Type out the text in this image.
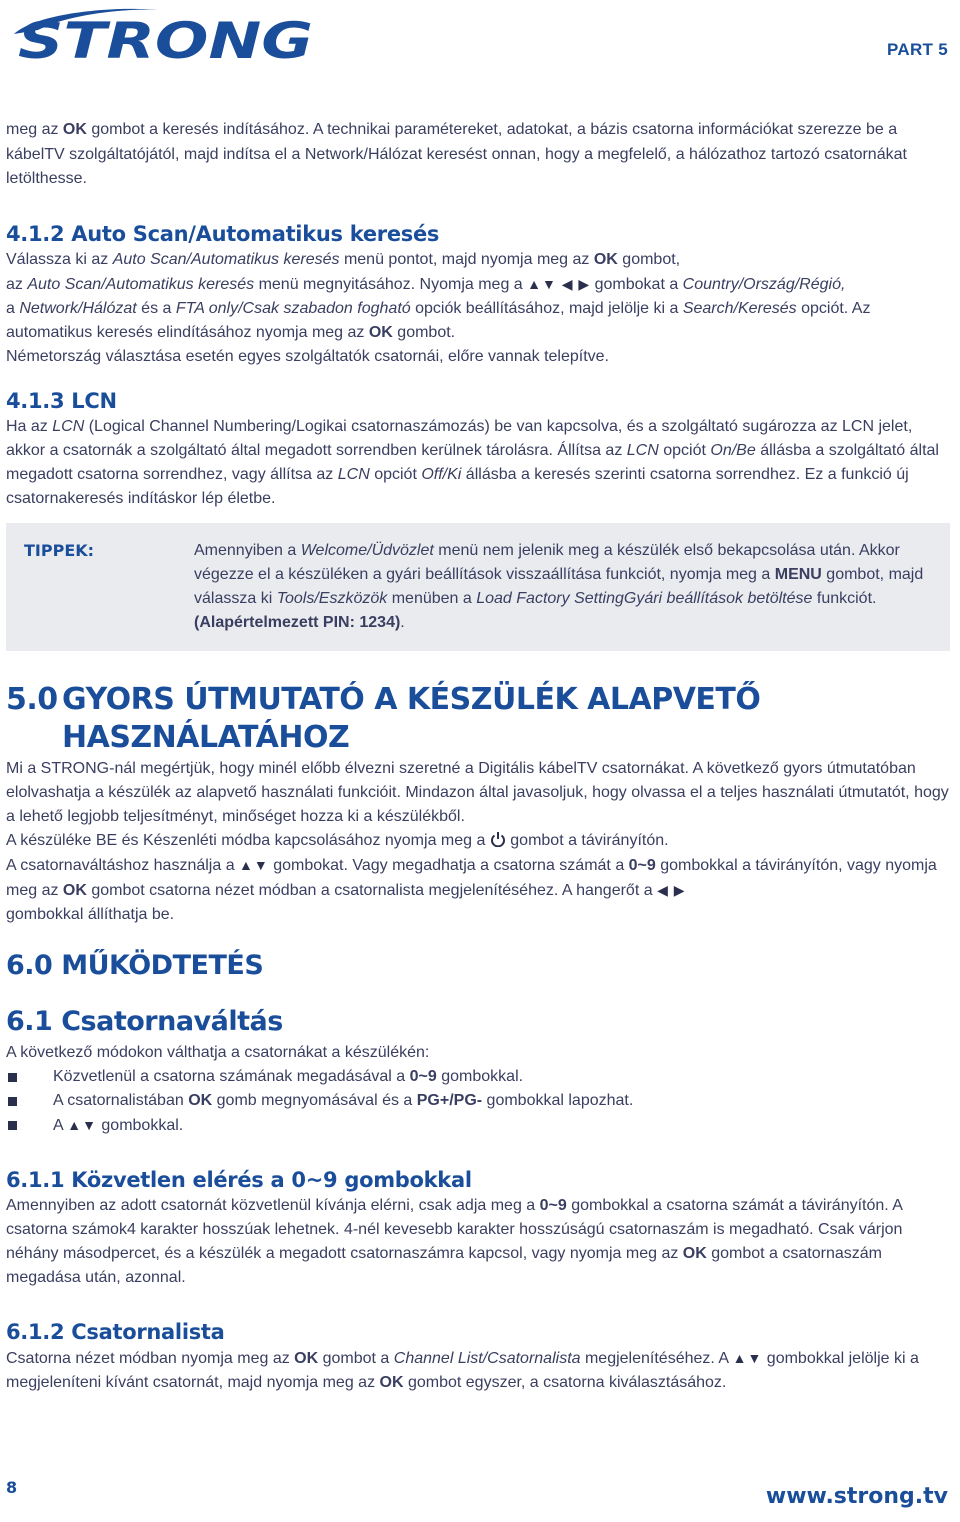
STRONG	PART 5

meg az OK gombot a keresés indításához. A technikai paramétereket, adatokat, a bázis csatorna információkat szerezze be a kábelTV szolgáltatójától, majd indítsa el a Network/Hálózat keresést onnan, hogy a megfelelő, a hálózathoz tartozó csatornákat letölthesse.

4.1.2 Auto Scan/Automatikus keresés

Válassza ki az Auto Scan/Automatikus keresés menü pontot, majd nyomja meg az OK gombot,
az Auto Scan/Automatikus keresés menü megnyitásához. Nyomja meg a ▲▼ ◀ ▶ gombokat a Country/Ország/Régió,
a Network/Hálózat és a FTA only/Csak szabadon fogható opciók beállításához, majd jelölje ki a Search/Keresés opciót. Az automatikus keresés elindításához nyomja meg az OK gombot.

Németország választása esetén egyes szolgáltatók csatornái, előre vannak telepítve.

4.1.3 LCN

Ha az LCN (Logical Channel Numbering/Logikai csatornaszámozás) be van kapcsolva, és a szolgáltató sugározza az LCN jelet, akkor a csatornák a szolgáltató által megadott sorrendben kerülnek tárolásra. Állítsa az LCN opciót On/Be állásba a szolgáltató által megadott csatorna sorrendhez, vagy állítsa az LCN opciót Off/Ki állásba a keresés szerinti csatorna sorrendhez. Ez a funkció új csatornakeresés indításkor lép életbe.

TIPPEK:	Amennyiben a Welcome/Üdvözlet menü nem jelenik meg a készülék első bekapcsolása után. Akkor végezze el a készüléken a gyári beállítások visszaállítása funkciót, nyomja meg a MENU gombot, majd válassza ki Tools/Eszközök menüben a Load Factory SettingGyári beállítások betöltése funkciót. (Alapértelmezett PIN: 1234).
5.0 GYORS ÚTMUTATÓ A KÉSZÜLÉK ALAPVETŐ
HASZNÁLATÁHOZ

Mi a STRONG-nál megértjük, hogy minél előbb élvezni szeretné a Digitális kábelTV csatornákat. A következő gyors útmutatóban elolvashatja a készülék az alapvető használati funkcióit. Mindazon által javasoljuk, hogy olvassa el a teljes használati útmutatót, hogy a lehető legjobb teljesítményt, minőséget hozza ki a készülékből.

A készüléke BE és Készenléti módba kapcsolásához nyomja meg a  gombot a távirányítón.

A csatornaváltáshoz használja a ▲▼ gombokat. Vagy megadhatja a csatorna számát a 0~9 gombokkal a távirányítón, vagy nyomja meg az OK gombot csatorna nézet módban a csatornalista megjelenítéséhez. A hangerőt a ◀ ▶
gombokkal állíthatja be.

6.0 MŰKÖDTETÉS
6.1 Csatornaváltás

A következő módokon válthatja a csatornákat a készülékén:

Közvetlenül a csatorna számának megadásával a 0~9 gombokkal.
A csatornalistában OK gomb megnyomásával és a PG+/PG- gombokkal lapozhat.
A ▲▼ gombokkal.
6.1.1 Közvetlen elérés a 0~9 gombokkal

Amennyiben az adott csatornát közvetlenül kívánja elérni, csak adja meg a 0~9 gombokkal a csatorna számát a távirányítón. A csatorna számok4 karakter hosszúak lehetnek. 4-nél kevesebb karakter hosszúságú csatornaszám is megadható. Csak várjon néhány másodpercet, és a készülék a megadott csatornaszámra kapcsol, vagy nyomja meg az OK gombot a csatornaszám megadása után, azonnal.

6.1.2 Csatornalista

Csatorna nézet módban nyomja meg az OK gombot a Channel List/Csatornalista megjelenítéséhez. A ▲▼ gombokkal jelölje ki a megjeleníteni kívánt csatornát, majd nyomja meg az OK gombot egyszer, a csatorna kiválasztásához.

8	www.strong.tv
